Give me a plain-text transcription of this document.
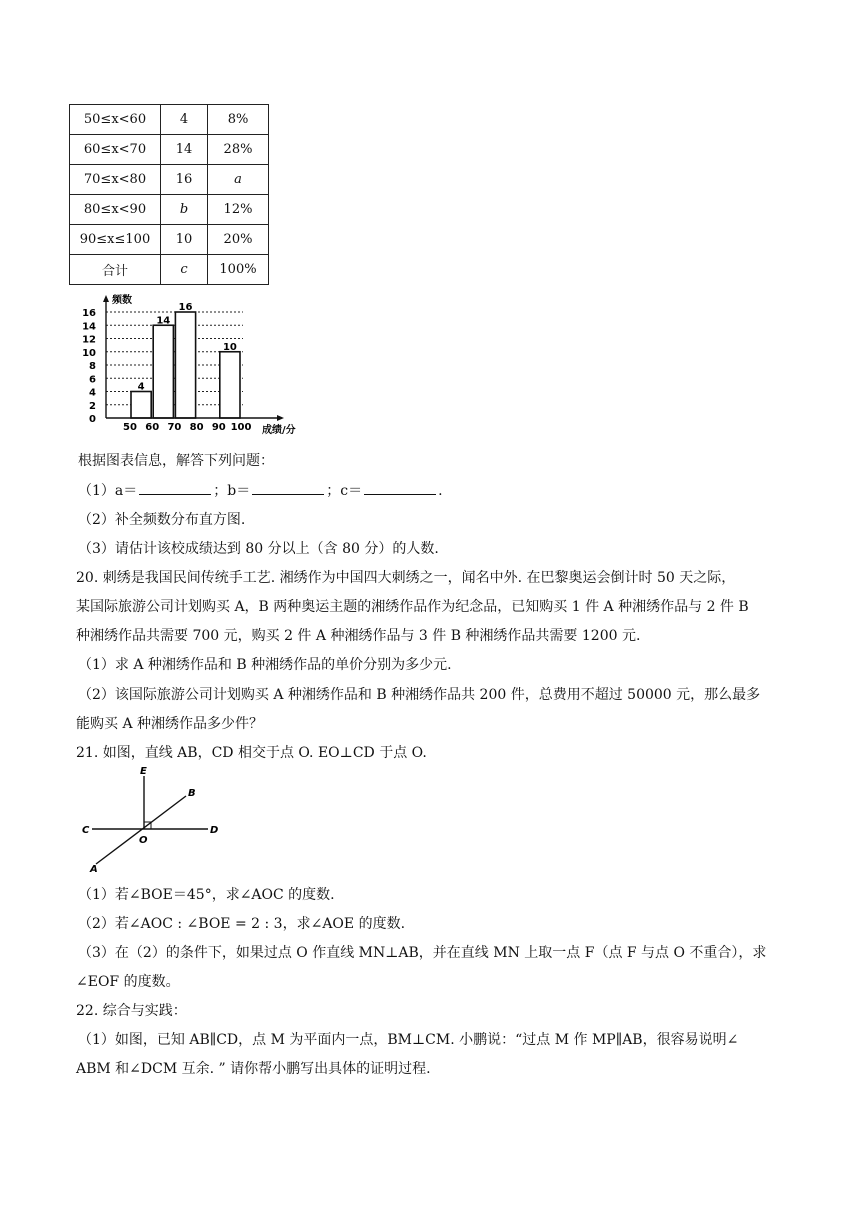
50≤x<60	4	8%
60≤x<70	14	28%
70≤x<80	16	a
80≤x<90	b	12%
90≤x≤100	10	20%
合计	c	100%
0
2
4
6
8
10
12
14
16
50 60 70 80 90 100
4
14
16
10
频数
成绩/分
根据图表信息，解答下列问题：
（1）a＝	；b＝	；c＝	.
（2）补全频数分布直方图.
（3）请估计该校成绩达到 80 分以上（含 80 分）的人数.
20. 刺绣是我国民间传统手工艺. 湘绣作为中国四大刺绣之一，闻名中外. 在巴黎奥运会倒计时 50 天之际，
某国际旅游公司计划购买 A，B 两种奥运主题的湘绣作品作为纪念品，已知购买 1 件 A 种湘绣作品与 2 件 B
种湘绣作品共需要 700 元，购买 2 件 A 种湘绣作品与 3 件 B 种湘绣作品共需要 1200 元.
（1）求 A 种湘绣作品和 B 种湘绣作品的单价分别为多少元.
（2）该国际旅游公司计划购买 A 种湘绣作品和 B 种湘绣作品共 200 件，总费用不超过 50000 元，那么最多
能购买 A 种湘绣作品多少件？
21. 如图，直线 AB，CD 相交于点 O. EO⊥CD 于点 O.
E
B
C
O
D
A
（1）若∠BOE＝45°，求∠AOC 的度数.
（2）若∠AOC : ∠BOE = 2 : 3，求∠AOE 的度数.
（3）在（2）的条件下，如果过点 O 作直线 MN⊥AB，并在直线 MN 上取一点 F（点 F 与点 O 不重合），求
∠EOF 的度数。
22. 综合与实践：
（1）如图，已知 AB∥CD，点 M 为平面内一点，BM⊥CM. 小鹏说：“过点 M 作 MP∥AB，很容易说明∠
ABM 和∠DCM 互余. ” 请你帮小鹏写出具体的证明过程.
